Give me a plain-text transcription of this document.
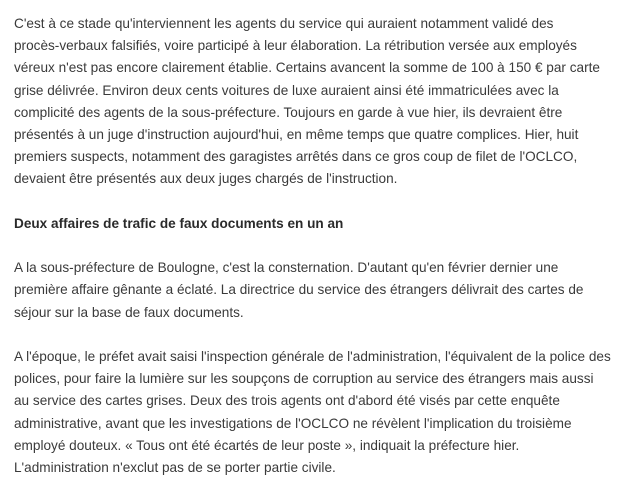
C'est à ce stade qu'interviennent les agents du service qui auraient notamment validé des
procès-verbaux falsifiés, voire participé à leur élaboration. La rétribution versée aux employés
véreux n'est pas encore clairement établie. Certains avancent la somme de 100 à 150 € par carte
grise délivrée. Environ deux cents voitures de luxe auraient ainsi été immatriculées avec la
complicité des agents de la sous-préfecture. Toujours en garde à vue hier, ils devraient être
présentés à un juge d'instruction aujourd'hui, en même temps que quatre complices. Hier, huit
premiers suspects, notamment des garagistes arrêtés dans ce gros coup de filet de l'OCLCO,
devaient être présentés aux deux juges chargés de l'instruction.

Deux affaires de trafic de faux documents en un an

A la sous-préfecture de Boulogne, c'est la consternation. D'autant qu'en février dernier une
première affaire gênante a éclaté. La directrice du service des étrangers délivrait des cartes de
séjour sur la base de faux documents.

A l'époque, le préfet avait saisi l'inspection générale de l'administration, l'équivalent de la police des
polices, pour faire la lumière sur les soupçons de corruption au service des étrangers mais aussi
au service des cartes grises. Deux des trois agents ont d'abord été visés par cette enquête
administrative, avant que les investigations de l'OCLCO ne révèlent l'implication du troisième
employé douteux. « Tous ont été écartés de leur poste », indiquait la préfecture hier.
L'administration n'exclut pas de se porter partie civile.
